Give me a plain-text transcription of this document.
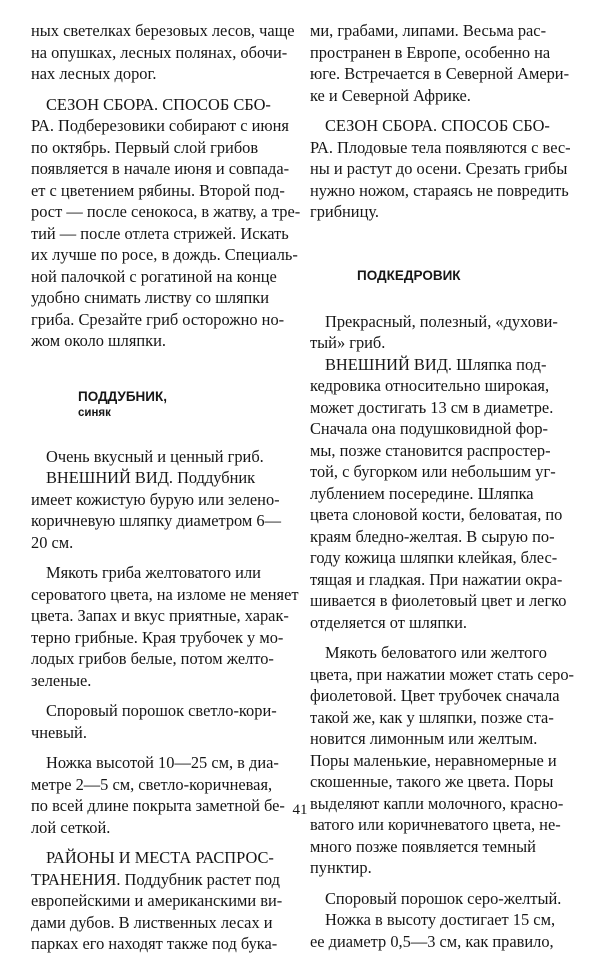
ных светелках березовых лесов, чаще
на опушках, лесных полянах, обочи-
нах лесных дорог.
СЕЗОН СБОРА. СПОСОБ СБО-
РА. Подберезовики собирают с июня
по октябрь. Первый слой грибов
появляется в начале июня и совпада-
ет с цветением рябины. Второй под-
рост — после сенокоса, в жатву, а тре-
тий — после отлета стрижей. Искать
их лучше по росе, в дождь. Специаль-
ной палочкой с рогатиной на конце
удобно снимать листву со шляпки
гриба. Срезайте гриб осторожно но-
жом около шляпки.
ПОДДУБНИК,
синяк
Очень вкусный и ценный гриб.
ВНЕШНИЙ ВИД. Поддубник
имеет кожистую бурую или зелено-
коричневую шляпку диаметром 6—
20 см.
Мякоть гриба желтоватого или
сероватого цвета, на изломе не меняет
цвета. Запах и вкус приятные, харак-
терно грибные. Края трубочек у мо-
лодых грибов белые, потом желто-
зеленые.
Споровый порошок светло-кори-
чневый.
Ножка высотой 10—25 см, в диа-
метре 2—5 см, светло-коричневая,
по всей длине покрыта заметной бе-
лой сеткой.
РАЙОНЫ И МЕСТА РАСПРОС-
ТРАНЕНИЯ. Поддубник растет под
европейскими и американскими ви-
дами дубов. В лиственных лесах и
парках его находят также под бука-
ми, грабами, липами. Весьма рас-
пространен в Европе, особенно на
юге. Встречается в Северной Амери-
ке и Северной Африке.
СЕЗОН СБОРА. СПОСОБ СБО-
РА. Плодовые тела появляются с вес-
ны и растут до осени. Срезать грибы
нужно ножом, стараясь не повредить
грибницу.
ПОДКЕДРОВИК
Прекрасный, полезный, «духови-
тый» гриб.
ВНЕШНИЙ ВИД. Шляпка под-
кедровика относительно широкая,
может достигать 13 см в диаметре.
Сначала она подушковидной фор-
мы, позже становится распростер-
той, с бугорком или небольшим уг-
лублением посередине. Шляпка
цвета слоновой кости, беловатая, по
краям бледно-желтая. В сырую по-
году кожица шляпки клейкая, блес-
тящая и гладкая. При нажатии окра-
шивается в фиолетовый цвет и легко
отделяется от шляпки.
Мякоть беловатого или желтого
цвета, при нажатии может стать серо-
фиолетовой. Цвет трубочек сначала
такой же, как у шляпки, позже ста-
новится лимонным или желтым.
Поры маленькие, неравномерные и
скошенные, такого же цвета. Поры
выделяют капли молочного, красно-
ватого или коричневатого цвета, не-
много позже появляется темный
пунктир.
Споровый порошок серо-желтый.
Ножка в высоту достигает 15 см,
ее диаметр 0,5—3 см, как правило,
41
